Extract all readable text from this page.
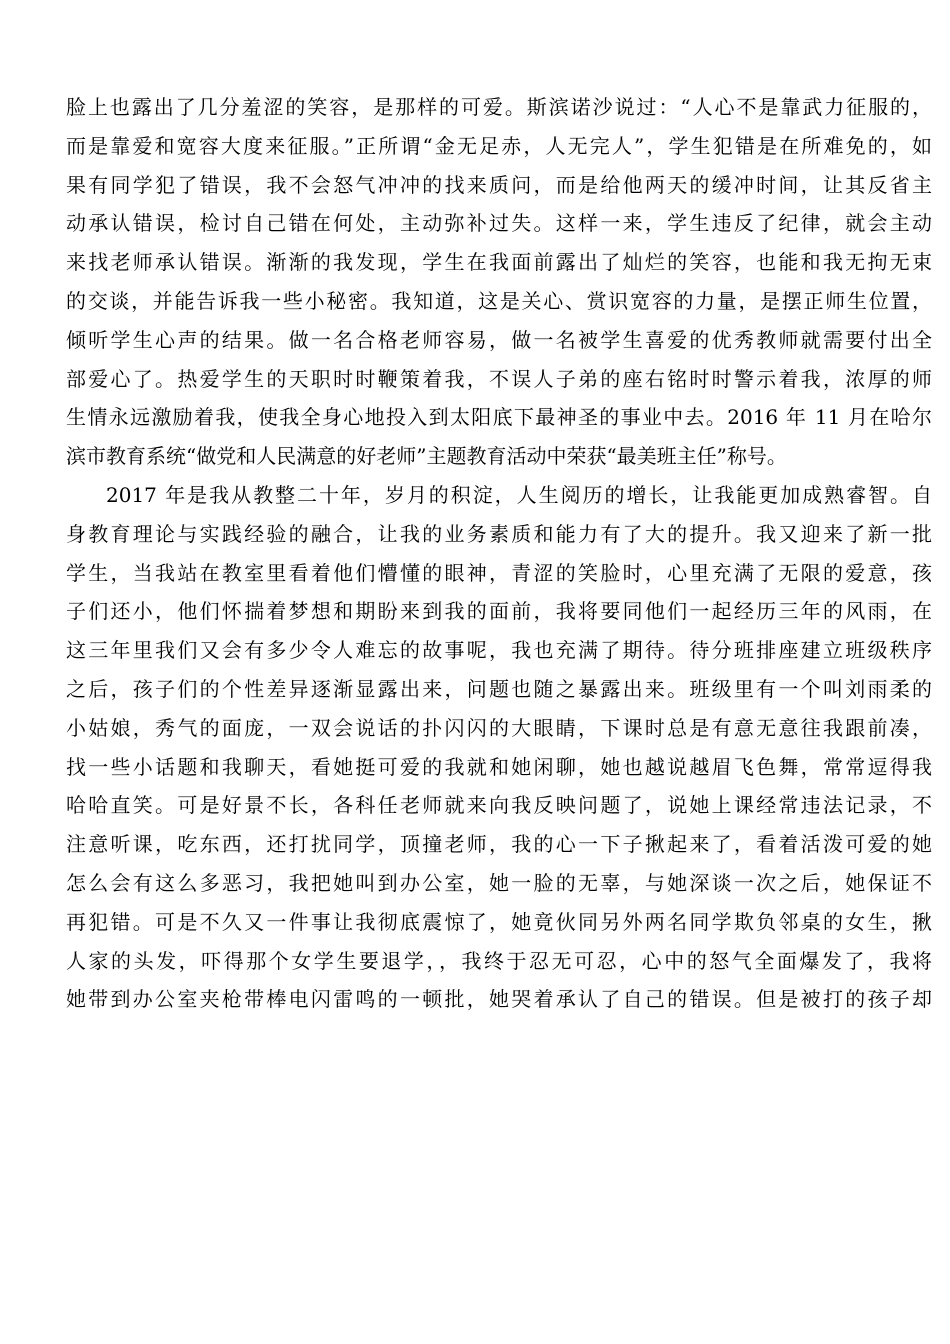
脸上也露出了几分羞涩的笑容，是那样的可爱。斯滨诺沙说过：“人心不是靠武力征服的，
而是靠爱和宽容大度来征服。”正所谓“金无足赤，人无完人”，学生犯错是在所难免的，如
果有同学犯了错误，我不会怒气冲冲的找来质问，而是给他两天的缓冲时间，让其反省主
动承认错误，检讨自己错在何处，主动弥补过失。这样一来，学生违反了纪律，就会主动
来找老师承认错误。渐渐的我发现，学生在我面前露出了灿烂的笑容，也能和我无拘无束
的交谈，并能告诉我一些小秘密。我知道，这是关心、赏识宽容的力量，是摆正师生位置，
倾听学生心声的结果。做一名合格老师容易，做一名被学生喜爱的优秀教师就需要付出全
部爱心了。热爱学生的天职时时鞭策着我，不误人子弟的座右铭时时警示着我，浓厚的师
生情永远激励着我，使我全身心地投入到太阳底下最神圣的事业中去。2016 年 11 月在哈尔
滨市教育系统“做党和人民满意的好老师”主题教育活动中荣获“最美班主任”称号。
2017 年是我从教整二十年，岁月的积淀，人生阅历的增长，让我能更加成熟睿智。自
身教育理论与实践经验的融合，让我的业务素质和能力有了大的提升。我又迎来了新一批
学生，当我站在教室里看着他们懵懂的眼神，青涩的笑脸时，心里充满了无限的爱意，孩
子们还小，他们怀揣着梦想和期盼来到我的面前，我将要同他们一起经历三年的风雨，在
这三年里我们又会有多少令人难忘的故事呢，我也充满了期待。待分班排座建立班级秩序
之后，孩子们的个性差异逐渐显露出来，问题也随之暴露出来。班级里有一个叫刘雨柔的
小姑娘，秀气的面庞，一双会说话的扑闪闪的大眼睛，下课时总是有意无意往我跟前凑，
找一些小话题和我聊天，看她挺可爱的我就和她闲聊，她也越说越眉飞色舞，常常逗得我
哈哈直笑。可是好景不长，各科任老师就来向我反映问题了，说她上课经常违法记录，不
注意听课，吃东西，还打扰同学，顶撞老师，我的心一下子揪起来了，看着活泼可爱的她
怎么会有这么多恶习，我把她叫到办公室，她一脸的无辜，与她深谈一次之后，她保证不
再犯错。可是不久又一件事让我彻底震惊了，她竟伙同另外两名同学欺负邻桌的女生，揪
人家的头发，吓得那个女学生要退学，，我终于忍无可忍，心中的怒气全面爆发了，我将
她带到办公室夹枪带棒电闪雷鸣的一顿批，她哭着承认了自己的错误。但是被打的孩子却
